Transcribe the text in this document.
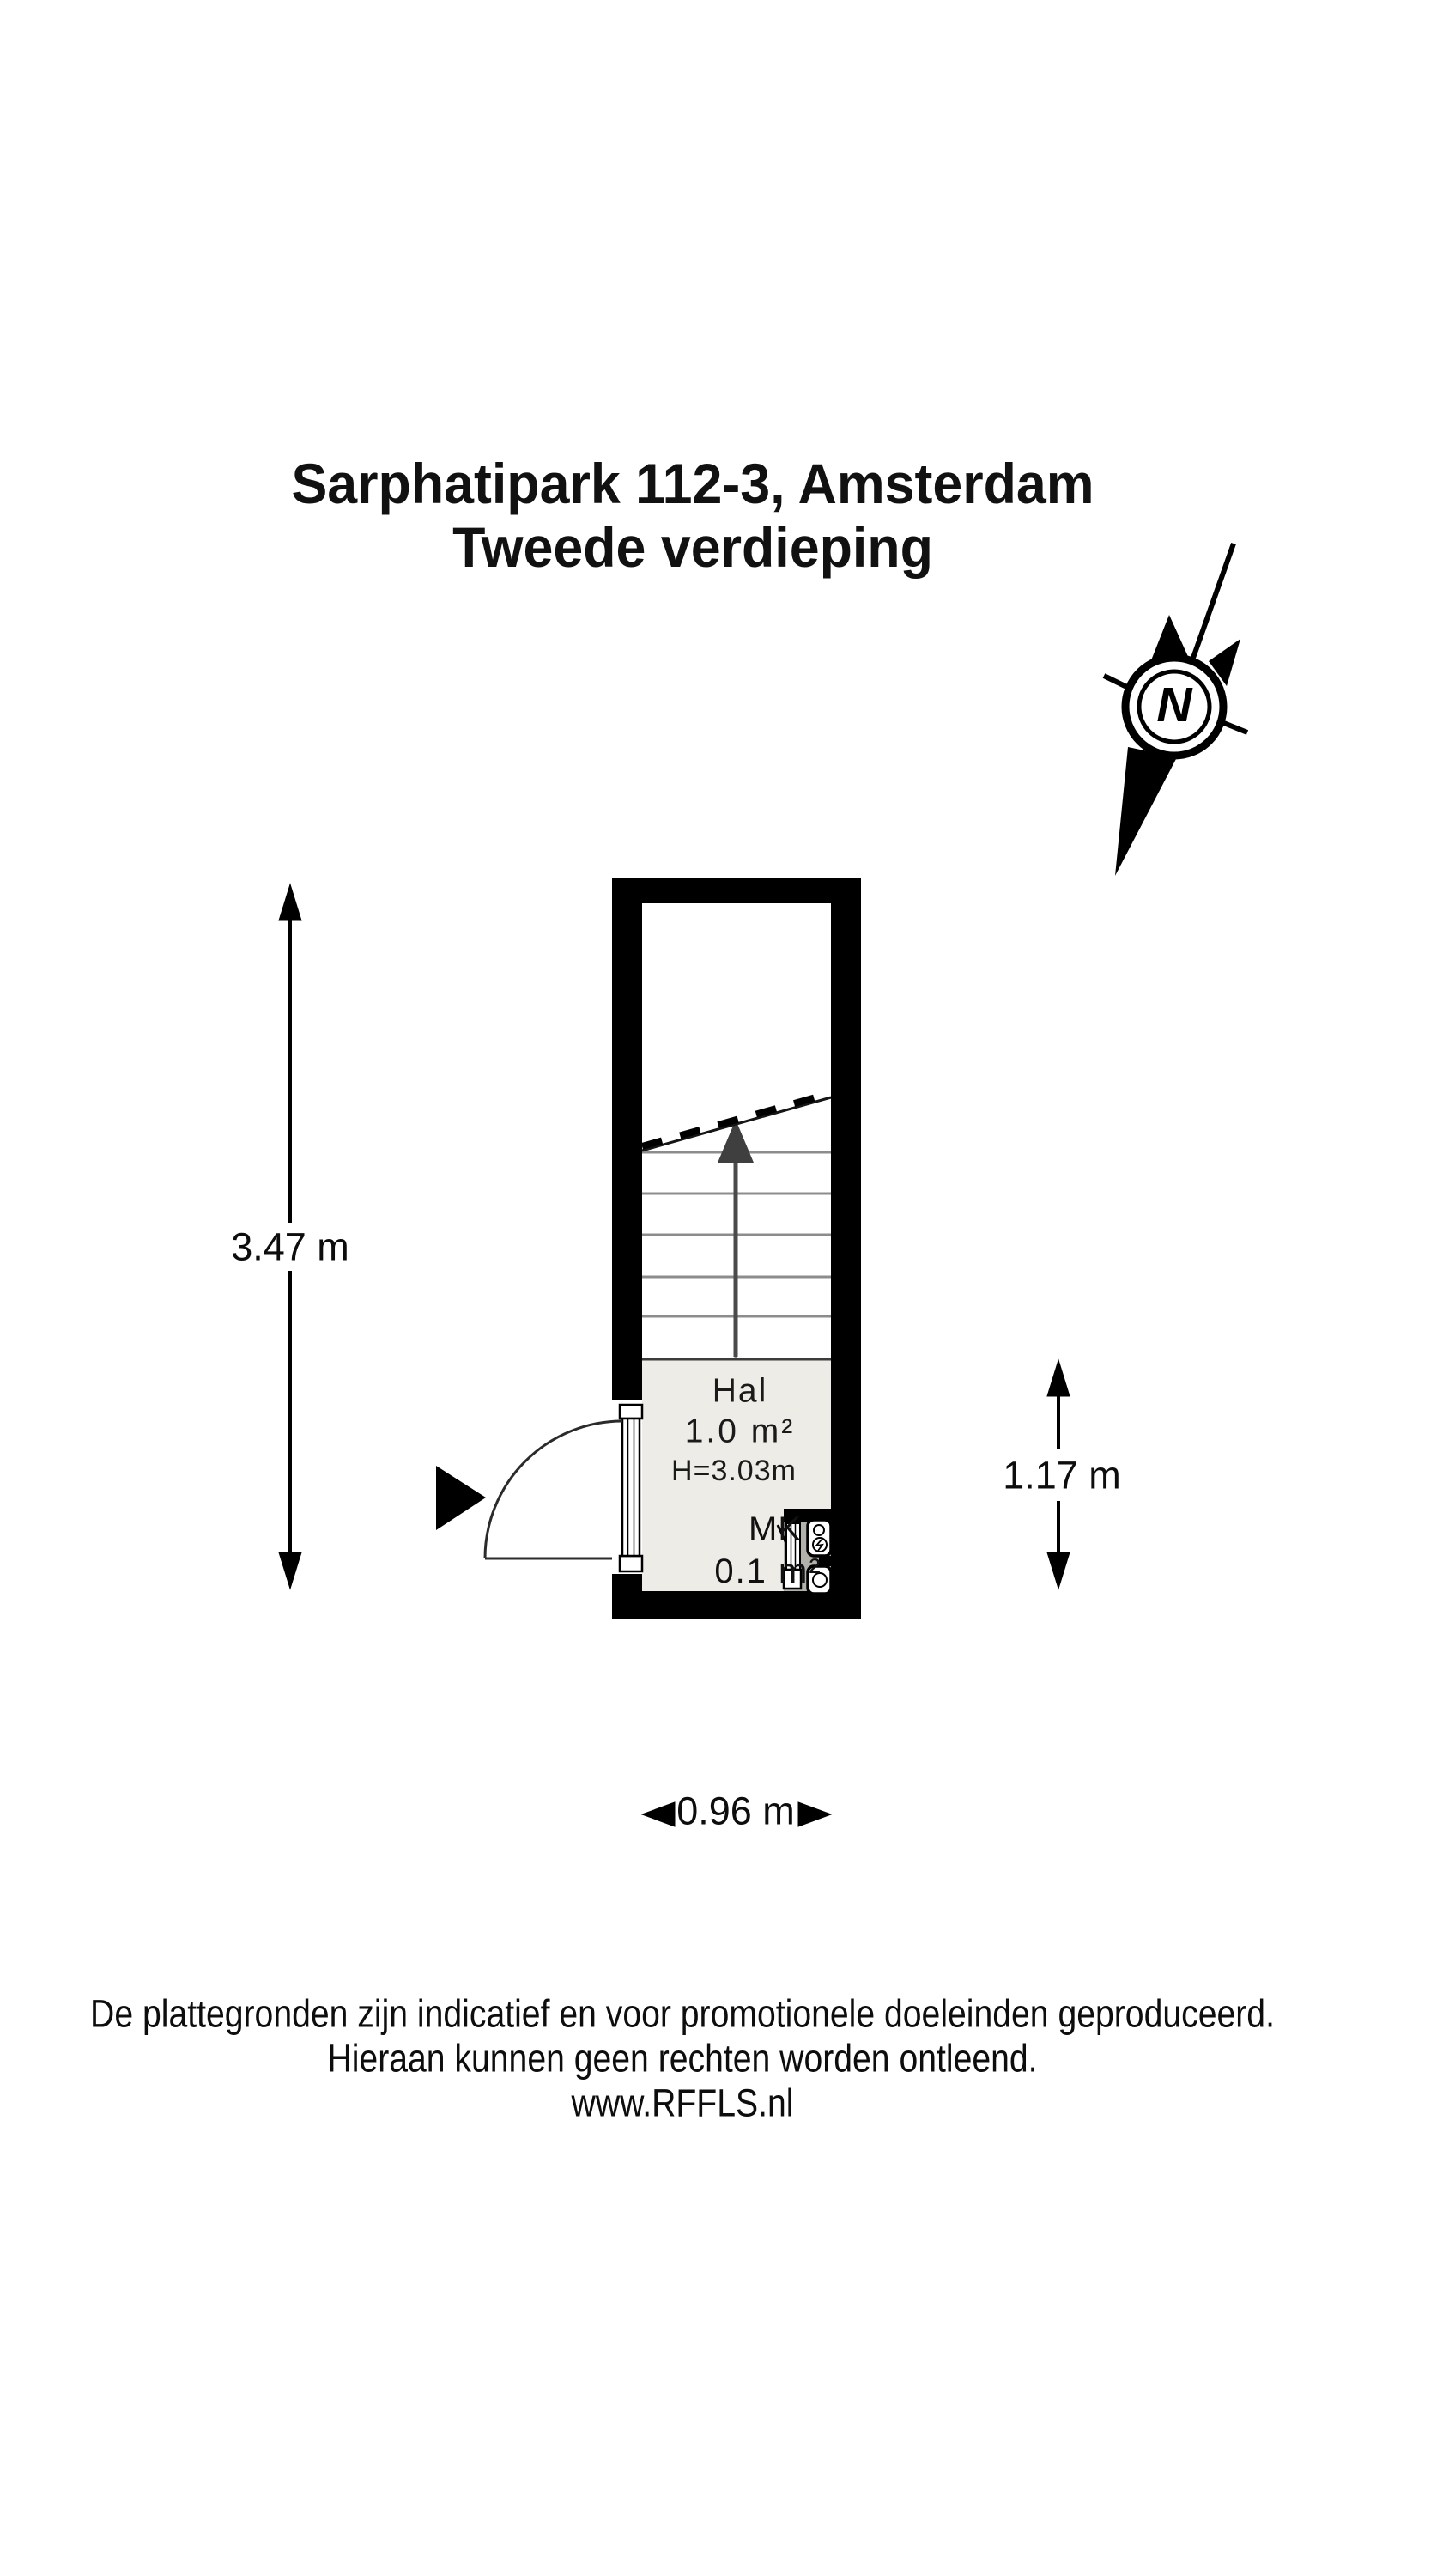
Sarphatipark 112-3, Amsterdam
Tweede verdieping
N
3.47 m
1.17 m
0.96 m
Hal
1.0 m²
H=3.03m
MK
0.1 m²
De plattegronden zijn indicatief en voor promotionele doeleinden geproduceerd.
Hieraan kunnen geen rechten worden ontleend.
www.RFFLS.nl
